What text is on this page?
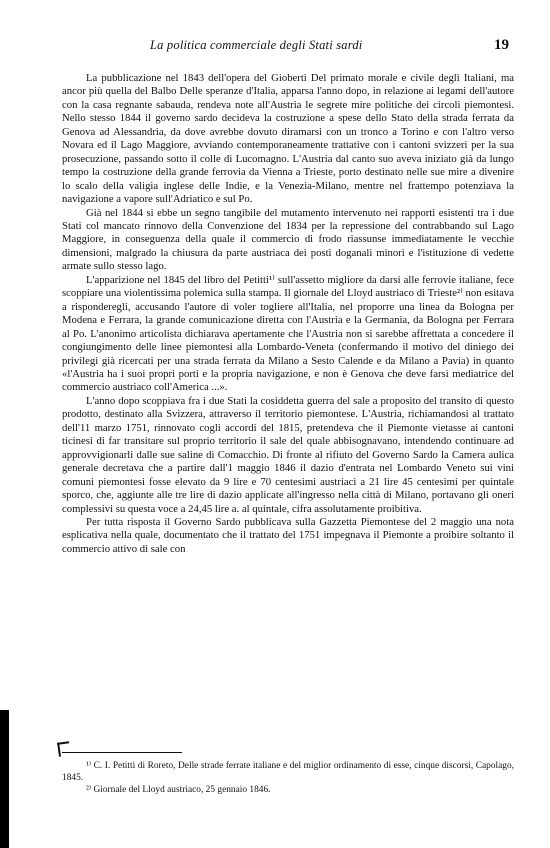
La politica commerciale degli Stati sardi	19

La pubblicazione nel 1843 dell'opera del Gioberti Del primato morale e civile degli Italiani, ma ancor più quella del Balbo Delle speranze d'Italia, apparsa l'anno dopo, in relazione ai legami dell'autore con la casa regnante sabauda, rendeva note all'Austria le segrete mire politiche dei circoli piemontesi. Nello stesso 1844 il governo sardo decideva la costruzione a spese dello Stato della strada ferrata da Genova ad Alessandria, da dove avrebbe dovuto diramarsi con un tronco a Torino e con l'altro verso Novara ed il Lago Maggiore, avviando contemporaneamente trattative con i cantoni svizzeri per la sua prosecuzione, passando sotto il colle di Lucomagno. L'Austria dal canto suo aveva iniziato già da lungo tempo la costruzione della grande ferrovia da Vienna a Trieste, porto destinato nelle sue mire a divenire lo scalo della valigia inglese delle Indie, e la Venezia-Milano, mentre nel frattempo potenziava la navigazione a vapore sull'Adriatico e sul Po.

Già nel 1844 si ebbe un segno tangibile del mutamento intervenuto nei rapporti esistenti tra i due Stati col mancato rinnovo della Convenzione del 1834 per la repressione del contrabbando sul Lago Maggiore, in conseguenza della quale il commercio di frodo riassunse immediatamente le vecchie dimensioni, malgrado la chiusura da parte austriaca dei posti doganali minori e l'istituzione di vedette armate sullo stesso lago.

L'apparizione nel 1845 del libro del Petitti¹⁾ sull'assetto migliore da darsi alle ferrovie italiane, fece scoppiare una violentissima polemica sulla stampa. Il giornale del Lloyd austriaco di Trieste²⁾ non esitava a risponderegli, accusando l'autore di voler togliere all'Italia, nel proporre una linea da Bologna per Modena e Ferrara, la grande comunicazione diretta con l'Austria e la Germania, da Bologna per Ferrara al Po. L'anonimo articolista dichiarava apertamente che l'Austria non si sarebbe affrettata a concedere il congiungimento delle linee piemontesi alla Lombardo-Veneta (confermando il motivo del diniego dei privilegi già ricercati per una strada ferrata da Milano a Sesto Calende e da Milano a Pavia) in quanto «l'Austria ha i suoi propri porti e la propria navigazione, e non è Genova che deve farsi mediatrice del commercio austriaco coll'America ...».

L'anno dopo scoppiava fra i due Stati la cosiddetta guerra del sale a proposito del transito di questo prodotto, destinato alla Svizzera, attraverso il territorio piemontese. L'Austria, richiamandosi al trattato dell'11 marzo 1751, rinnovato cogli accordi del 1815, pretendeva che il Piemonte vietasse ai cantoni ticinesi di far transitare sul proprio territorio il sale del quale abbisognavano, intendendo continuare ad approvvigionarli dalle sue saline di Comacchio. Di fronte al rifiuto del Governo Sardo la Camera aulica generale decretava che a partire dall'1 maggio 1846 il dazio d'entrata nel Lombardo Veneto sui vini comuni piemontesi fosse elevato da 9 lire e 70 centesimi austriaci a 21 lire 45 centesimi per quintale sporco, che, aggiunte alle tre lire di dazio applicate all'ingresso nella città di Milano, portavano gli oneri complessivi su questa voce a 24,45 lire a. al quintale, cifra assolutamente proibitiva.

Per tutta risposta il Governo Sardo pubblicava sulla Gazzetta Piemontese del 2 maggio una nota esplicativa nella quale, documentato che il trattato del 1751 impegnava il Piemonte a proibire soltanto il commercio attivo di sale con

¹⁾ C. I. Petitti di Roreto, Delle strade ferrate italiane e del miglior ordinamento di esse, cinque discorsi, Capolago, 1845.

²⁾ Giornale del Lloyd austriaco, 25 gennaio 1846.
